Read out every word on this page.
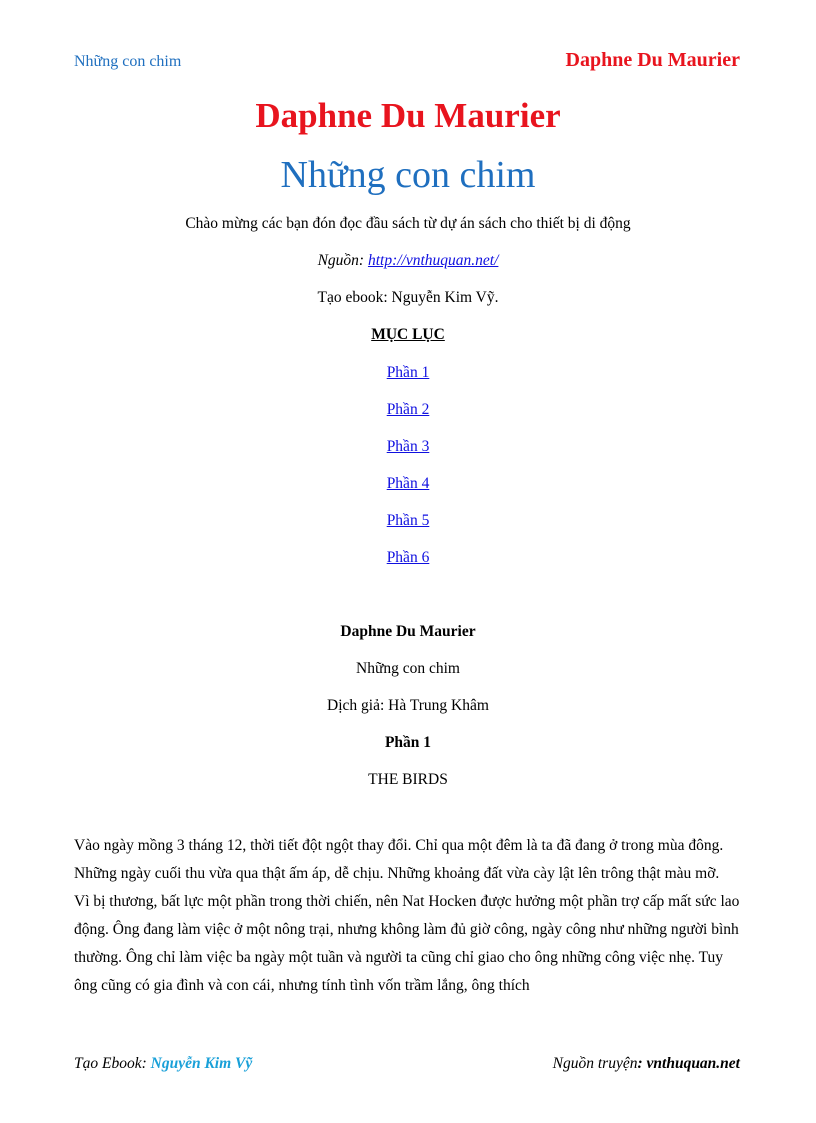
Những con chim	Daphne Du Maurier
Daphne Du Maurier
Những con chim
Chào mừng các bạn đón đọc đầu sách từ dự án sách cho thiết bị di động
Nguồn: http://vnthuquan.net/
Tạo ebook: Nguyễn Kim Vỹ.
MỤC LỤC
Phần 1
Phần 2
Phần 3
Phần 4
Phần 5
Phần 6
Daphne Du Maurier
Những con chim
Dịch giả: Hà Trung Khâm
Phần 1
THE BIRDS

Vào ngày mồng 3 tháng 12, thời tiết đột ngột thay đổi. Chỉ qua một đêm là ta đã đang ở trong mùa đông. Những ngày cuối thu vừa qua thật ấm áp, dễ chịu. Những khoảng đất vừa cày lật lên trông thật màu mỡ.

Vì bị thương, bất lực một phần trong thời chiến, nên Nat Hocken được hưởng một phần trợ cấp mất sức lao động. Ông đang làm việc ở một nông trại, nhưng không làm đủ giờ công, ngày công như những người bình thường. Ông chỉ làm việc ba ngày một tuần và người ta cũng chỉ giao cho ông những công việc nhẹ. Tuy ông cũng có gia đình và con cái, nhưng tính tình vốn trầm lắng, ông thích

Tạo Ebook: Nguyễn Kim Vỹ	Nguồn truyện: vnthuquan.net
